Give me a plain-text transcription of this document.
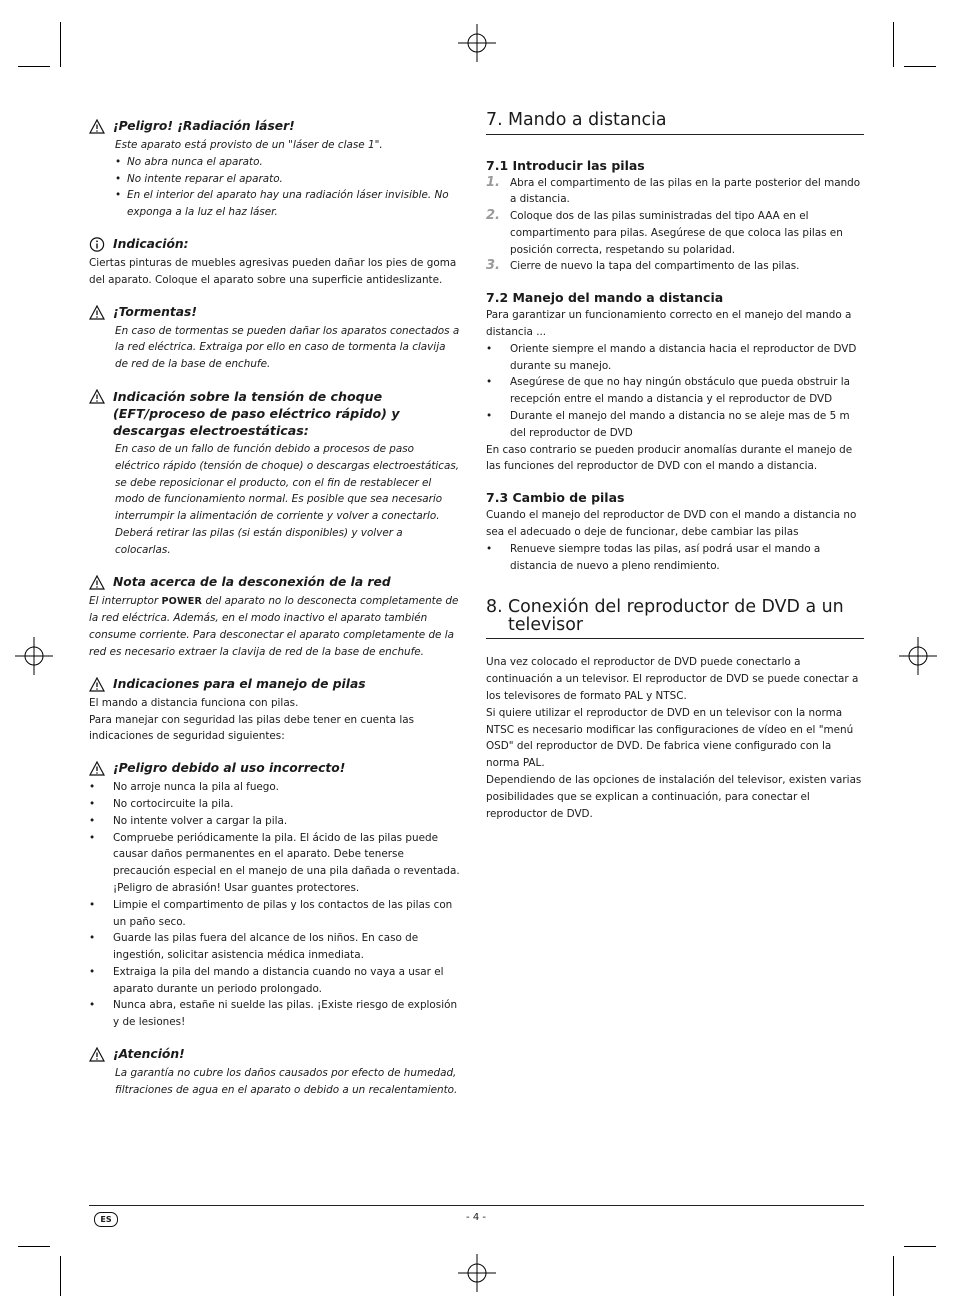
¡Peligro! ¡Radiación láser!

Este aparato está provisto de un "láser de clase 1".

• No abra nunca el aparato.
• No intente reparar el aparato.
• En el interior del aparato hay una radiación láser invisible. No exponga a la luz el haz láser.
Indicación:

Ciertas pinturas de muebles agresivas pueden dañar los pies de goma del aparato. Coloque el aparato sobre una superficie antideslizante.

¡Tormentas!

En caso de tormentas se pueden dañar los aparatos conectados a la red eléctrica. Extraiga por ello en caso de tormenta la clavija de red de la base de enchufe.

Indicación sobre la tensión de choque (EFT/proceso de paso eléctrico rápido) y descargas electroestáticas:

En caso de un fallo de función debido a procesos de paso eléctrico rápido (tensión de choque) o descargas electroestáticas, se debe reposicionar el producto, con el fin de restablecer el modo de funcionamiento normal. Es posible que sea necesario interrumpir la alimentación de corriente y volver a conectarlo. Deberá retirar las pilas (si están disponibles) y volver a colocarlas.

Nota acerca de la desconexión de la red

El interruptor POWER del aparato no lo desconecta completamente de la red eléctrica. Además, en el modo inactivo el aparato también consume corriente. Para desconectar el aparato completamente de la red es necesario extraer la clavija de red de la base de enchufe.

Indicaciones para el manejo de pilas

El mando a distancia funciona con pilas.

Para manejar con seguridad las pilas debe tener en cuenta las indicaciones de seguridad siguientes:

¡Peligro debido al uso incorrecto!
• No arroje nunca la pila al fuego.
• No cortocircuite la pila.
• No intente volver a cargar la pila.
• Compruebe periódicamente la pila. El ácido de las pilas puede causar daños permanentes en el aparato. Debe tenerse precaución especial en el manejo de una pila dañada o reventada. ¡Peligro de abrasión! Usar guantes protectores.
• Limpie el compartimento de pilas y los contactos de las pilas con un paño seco.
• Guarde las pilas fuera del alcance de los niños. En caso de ingestión, solicitar asistencia médica inmediata.
• Extraiga la pila del mando a distancia cuando no vaya a usar el aparato durante un periodo prolongado.
• Nunca abra, estañe ni suelde las pilas. ¡Existe riesgo de explosión y de lesiones!
¡Atención!

La garantía no cubre los daños causados por efecto de humedad, filtraciones de agua en el aparato o debido a un recalentamiento.

7. Mando a distancia
7.1 Introducir las pilas
1. Abra el compartimento de las pilas en la parte posterior del mando a distancia.
2. Coloque dos de las pilas suministradas del tipo AAA en el compartimento para pilas. Asegúrese de que coloca las pilas en posición correcta, respetando su polaridad.
3. Cierre de nuevo la tapa del compartimento de las pilas.
7.2 Manejo del mando a distancia

Para garantizar un funcionamiento correcto en el manejo del mando a distancia ...

• Oriente siempre el mando a distancia hacia el reproductor de DVD durante su manejo.
• Asegúrese de que no hay ningún obstáculo que pueda obstruir la recepción entre el mando a distancia y el reproductor de DVD
• Durante el manejo del mando a distancia no se aleje mas de 5 m del reproductor de DVD

En caso contrario se pueden producir anomalías durante el manejo de las funciones del reproductor de DVD con el mando a distancia.

7.3 Cambio de pilas

Cuando el manejo del reproductor de DVD con el mando a distancia no sea el adecuado o deje de funcionar, debe cambiar las pilas

• Renueve siempre todas las pilas, así podrá usar el mando a distancia de nuevo a pleno rendimiento.
8. Conexión del reproductor de DVD a un
televisor

Una vez colocado el reproductor de DVD puede conectarlo a continuación a un televisor. El reproductor de DVD se puede conectar a los televisores de formato PAL y NTSC.

Si quiere utilizar el reproductor de DVD en un televisor con la norma NTSC es necesario modificar las configuraciones de vídeo en el "menú OSD" del reproductor de DVD. De fabrica viene configurado con la norma PAL.

Dependiendo de las opciones de instalación del televisor, existen varias posibilidades que se explican a continuación, para conectar el reproductor de DVD.

ES	- 4 -
